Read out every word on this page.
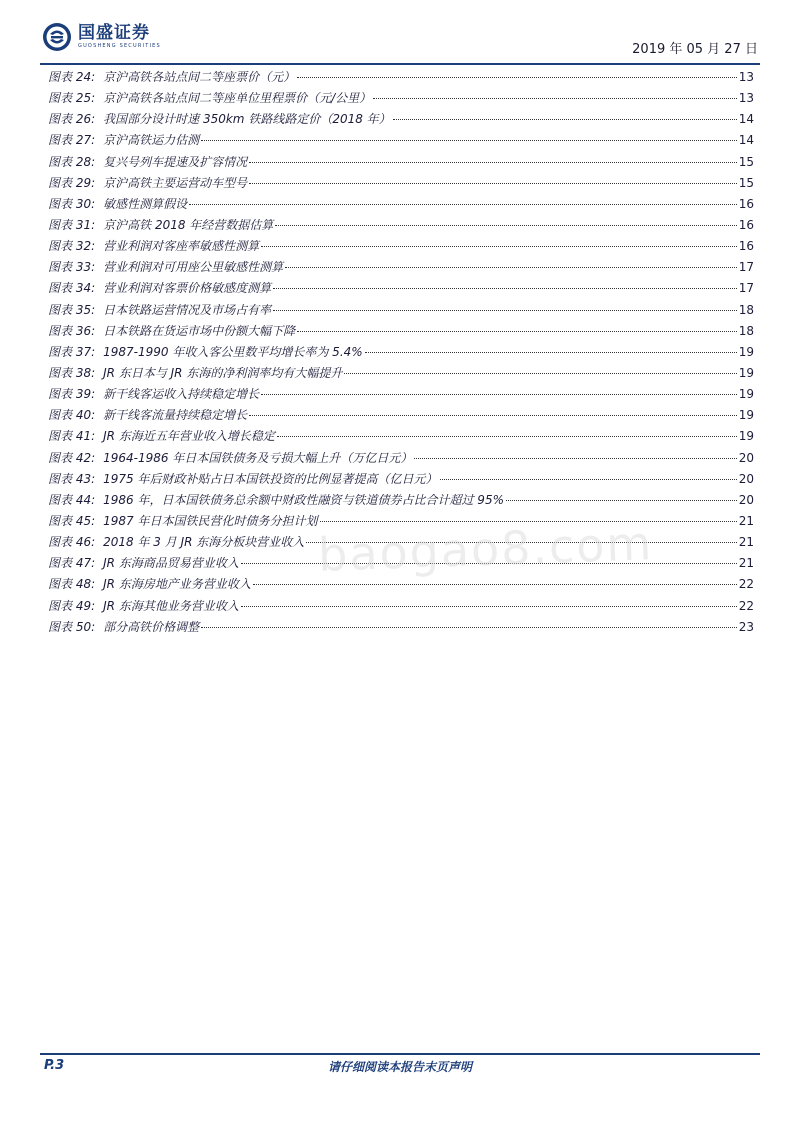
国盛证券
GUOSHENG SECURITIES	2019 年 05 月 27 日
图表 24: 京沪高铁各站点间二等座票价（元）	13
图表 25: 京沪高铁各站点间二等座单位里程票价（元/公里）	13
图表 26: 我国部分设计时速 350km 铁路线路定价（2018 年）	14
图表 27: 京沪高铁运力估测	14
图表 28: 复兴号列车提速及扩容情况	15
图表 29: 京沪高铁主要运营动车型号	15
图表 30: 敏感性测算假设	16
图表 31: 京沪高铁 2018 年经营数据估算	16
图表 32: 营业利润对客座率敏感性测算	16
图表 33: 营业利润对可用座公里敏感性测算	17
图表 34: 营业利润对客票价格敏感度测算	17
图表 35: 日本铁路运营情况及市场占有率	18
图表 36: 日本铁路在货运市场中份额大幅下降	18
图表 37: 1987-1990 年收入客公里数平均增长率为 5.4%	19
图表 38: JR 东日本与 JR 东海的净利润率均有大幅提升	19
图表 39: 新干线客运收入持续稳定增长	19
图表 40: 新干线客流量持续稳定增长	19
图表 41: JR 东海近五年营业收入增长稳定	19
图表 42: 1964-1986 年日本国铁债务及亏损大幅上升（万亿日元）	20
图表 43: 1975 年后财政补贴占日本国铁投资的比例显著提高（亿日元）	20
图表 44: 1986 年，日本国铁债务总余额中财政性融资与铁道债券占比合计超过 95%	20
图表 45: 1987 年日本国铁民营化时债务分担计划	21
图表 46: 2018 年 3 月 JR 东海分板块营业收入	21
图表 47: JR 东海商品贸易营业收入	21
图表 48: JR 东海房地产业务营业收入	22
图表 49: JR 东海其他业务营业收入	22
图表 50: 部分高铁价格调整	23
baogao8.com
P.3	请仔细阅读本报告末页声明
